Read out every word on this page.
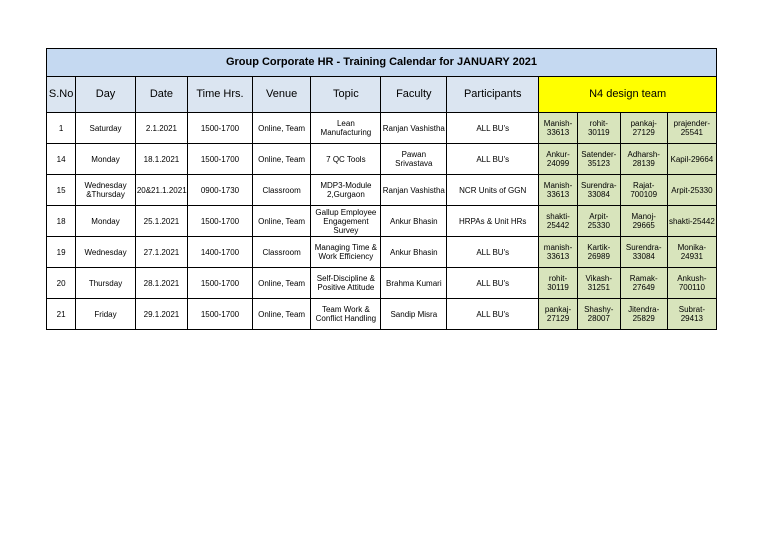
Group Corporate HR - Training Calendar for JANUARY 2021											
S.No	Day	Date	Time Hrs.	Venue	Topic	Faculty	Participants	N4 design team			
1	Saturday	2.1.2021	1500-1700	Online, Team	Lean Manufacturing	Ranjan Vashistha	ALL BU's	Manish-33613	rohit-30119	pankaj-27129	prajender-25541
14	Monday	18.1.2021	1500-1700	Online, Team	7 QC Tools	Pawan Srivastava	ALL BU's	Ankur-24099	Satender-35123	Adharsh-28139	Kapil-29664
15	Wednesday &Thursday	20&21.1.2021	0900-1730	Classroom	MDP3-Module 2,Gurgaon	Ranjan Vashistha	NCR Units of GGN	Manish-33613	Surendra-33084	Rajat-700109	Arpit-25330
18	Monday	25.1.2021	1500-1700	Online, Team	Gallup Employee Engagement Survey	Ankur Bhasin	HRPAs & Unit HRs	shakti-25442	Arpit-25330	Manoj-29665	shakti-25442
19	Wednesday	27.1.2021	1400-1700	Classroom	Managing Time & Work Efficiency	Ankur Bhasin	ALL BU's	manish-33613	Kartik-26989	Surendra-33084	Monika-24931
20	Thursday	28.1.2021	1500-1700	Online, Team	Self-Discipline & Positive Attitude	Brahma Kumari	ALL BU's	rohit-30119	Vikash-31251	Ramak-27649	Ankush-700110
21	Friday	29.1.2021	1500-1700	Online, Team	Team Work & Conflict Handling	Sandip Misra	ALL BU's	pankaj-27129	Shashy-28007	Jitendra-25829	Subrat-29413
